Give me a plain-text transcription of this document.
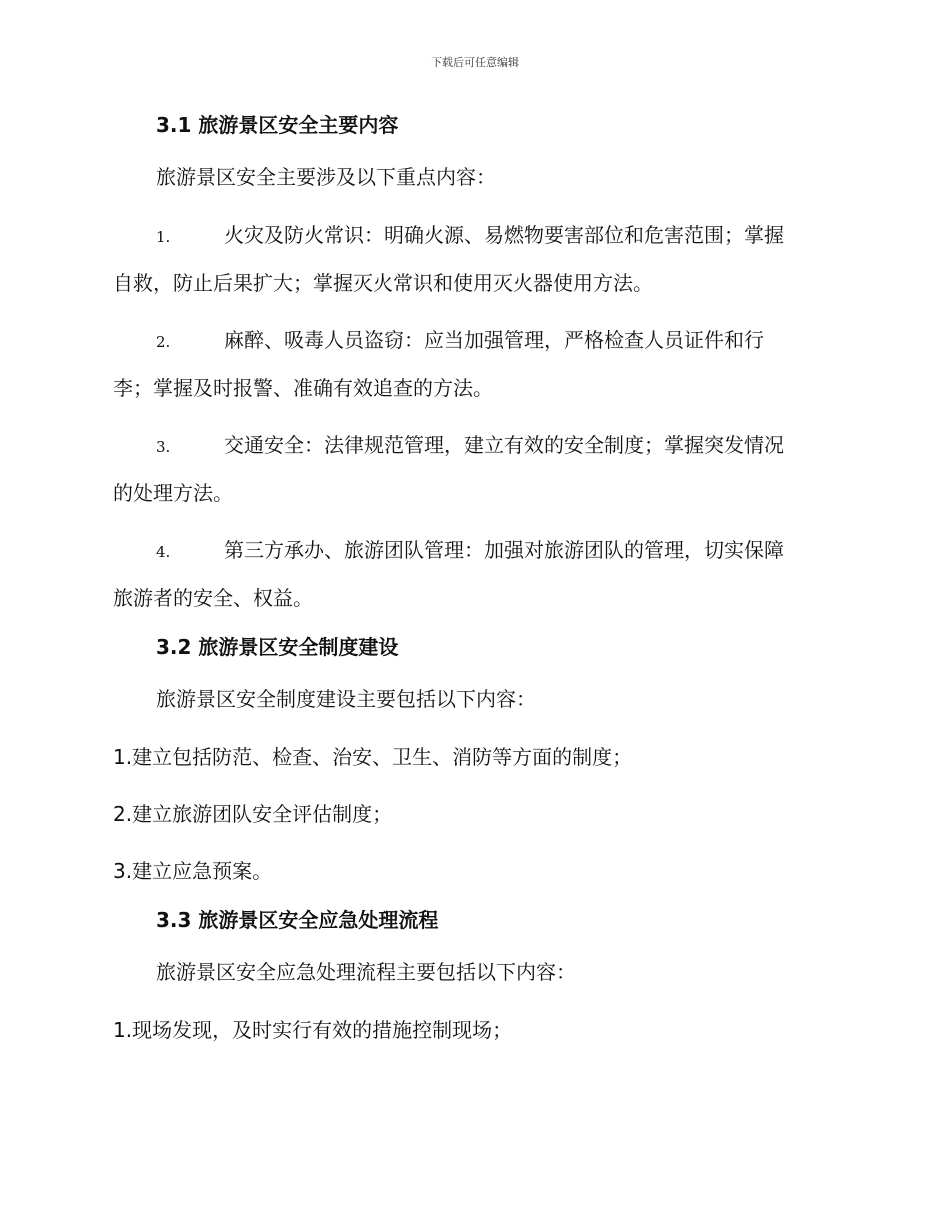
下载后可任意编辑
3.1 旅游景区安全主要内容
旅游景区安全主要涉及以下重点内容：
1.	火灾及防火常识：明确火源、易燃物要害部位和危害范围；掌握
自救，防止后果扩大；掌握灭火常识和使用灭火器使用方法。
2.	麻醉、吸毒人员盗窃：应当加强管理，严格检查人员证件和行
李；掌握及时报警、准确有效追查的方法。
3.	交通安全：法律规范管理，建立有效的安全制度；掌握突发情况
的处理方法。
4.	第三方承办、旅游团队管理：加强对旅游团队的管理，切实保障
旅游者的安全、权益。
3.2 旅游景区安全制度建设
旅游景区安全制度建设主要包括以下内容：
1.建立包括防范、检查、治安、卫生、消防等方面的制度；
2.建立旅游团队安全评估制度；
3.建立应急预案。
3.3 旅游景区安全应急处理流程
旅游景区安全应急处理流程主要包括以下内容：
1.现场发现，及时实行有效的措施控制现场；
